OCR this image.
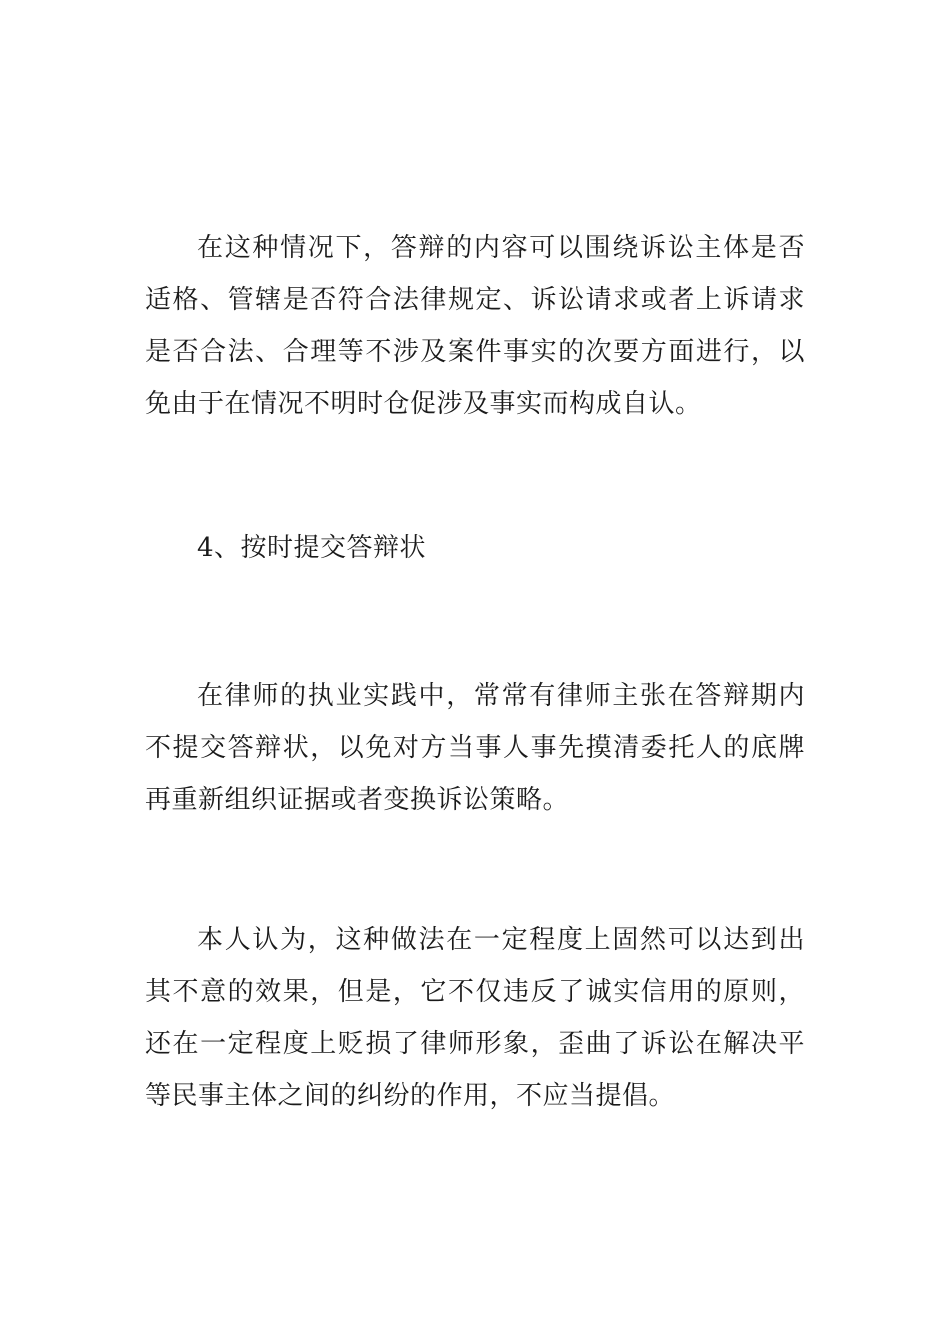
在这种情况下，答辩的内容可以围绕诉讼主体是否适格、管辖是否符合法律规定、诉讼请求或者上诉请求是否合法、合理等不涉及案件事实的次要方面进行，以免由于在情况不明时仓促涉及事实而构成自认。

4、按时提交答辩状

在律师的执业实践中，常常有律师主张在答辩期内不提交答辩状，以免对方当事人事先摸清委托人的底牌再重新组织证据或者变换诉讼策略。

本人认为，这种做法在一定程度上固然可以达到出其不意的效果，但是，它不仅违反了诚实信用的原则，还在一定程度上贬损了律师形象，歪曲了诉讼在解决平等民事主体之间的纠纷的作用，不应当提倡。
